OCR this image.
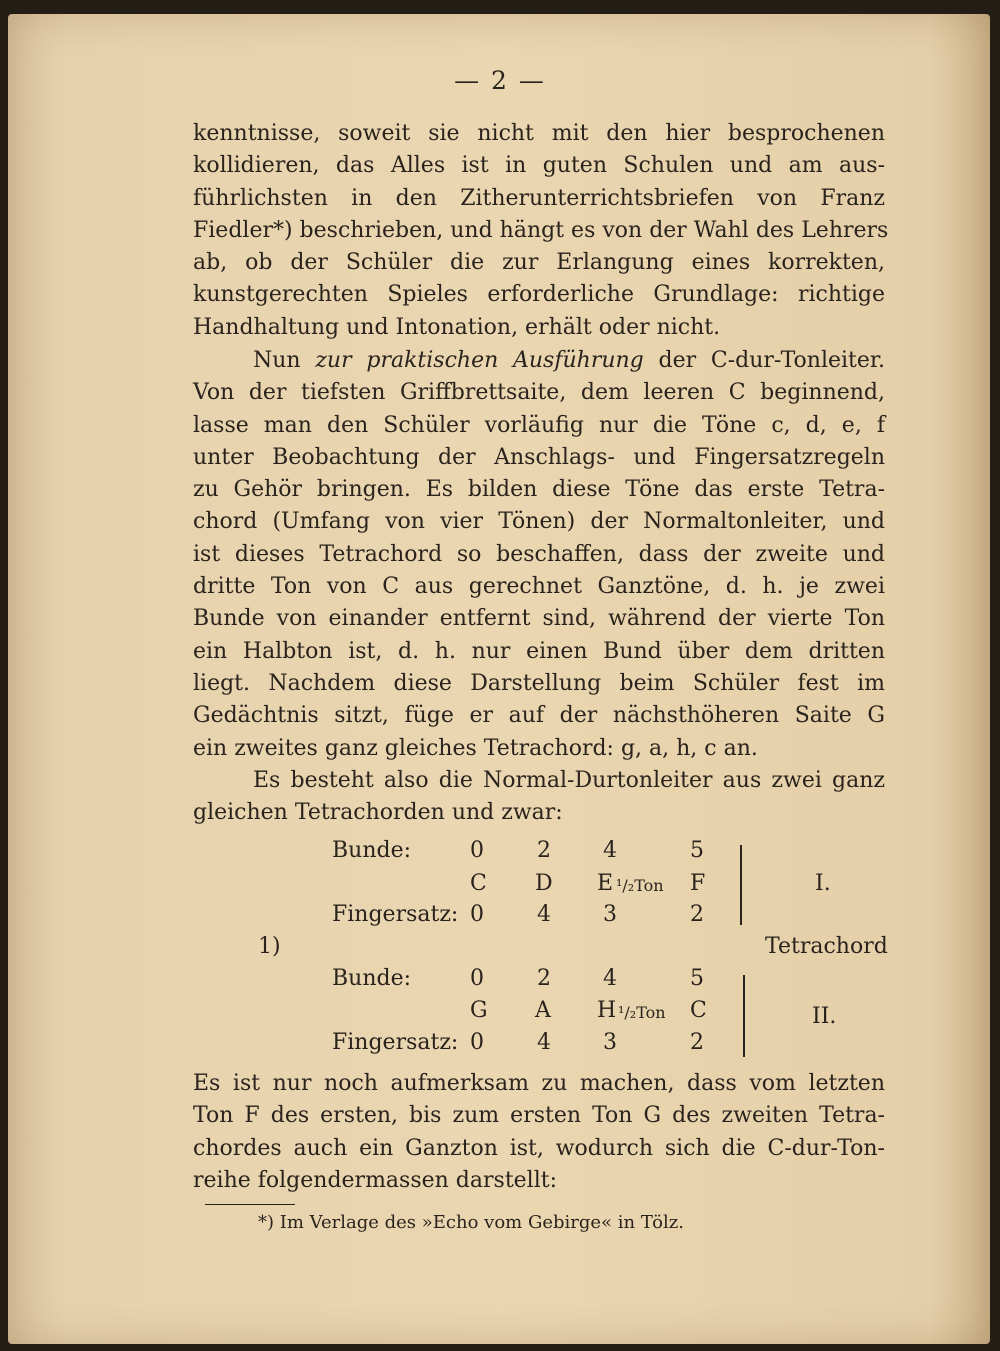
— 2 —
kenntnisse, soweit sie nicht mit den hier besprochenen
kollidieren, das Alles ist in guten Schulen und am aus-
führlichsten in den Zitherunterrichtsbriefen von Franz
Fiedler*) beschrieben, und hängt es von der Wahl des Lehrers
ab, ob der Schüler die zur Erlangung eines korrekten,
kunstgerechten Spieles erforderliche Grundlage: richtige
Handhaltung und Intonation, erhält oder nicht.
Nun zur praktischen Ausführung der C-dur-Tonleiter.
Von der tiefsten Griffbrettsaite, dem leeren C beginnend,
lasse man den Schüler vorläufig nur die Töne c, d, e, f
unter Beobachtung der Anschlags- und Fingersatzregeln
zu Gehör bringen. Es bilden diese Töne das erste Tetra-
chord (Umfang von vier Tönen) der Normaltonleiter, und
ist dieses Tetrachord so beschaffen, dass der zweite und
dritte Ton von C aus gerechnet Ganztöne, d. h. je zwei
Bunde von einander entfernt sind, während der vierte Ton
ein Halbton ist, d. h. nur einen Bund über dem dritten
liegt. Nachdem diese Darstellung beim Schüler fest im
Gedächtnis sitzt, füge er auf der nächsthöheren Saite G
ein zweites ganz gleiches Tetrachord: g, a, h, c an.
Es besteht also die Normal-Durtonleiter aus zwei ganz
gleichen Tetrachorden und zwar:
Bunde:	0 2 4	5
C D E ¹/₂Ton F
Fingersatz: 0 4 3	2
I.
1)	Tetrachord
Bunde:	0 2 4	5
G A H ¹/₂Ton C
Fingersatz: 0 4 3	2
II.
Es ist nur noch aufmerksam zu machen, dass vom letzten
Ton F des ersten, bis zum ersten Ton G des zweiten Tetra-
chordes auch ein Ganzton ist, wodurch sich die C-dur-Ton-
reihe folgendermassen darstellt:
*) Im Verlage des »Echo vom Gebirge« in Tölz.
